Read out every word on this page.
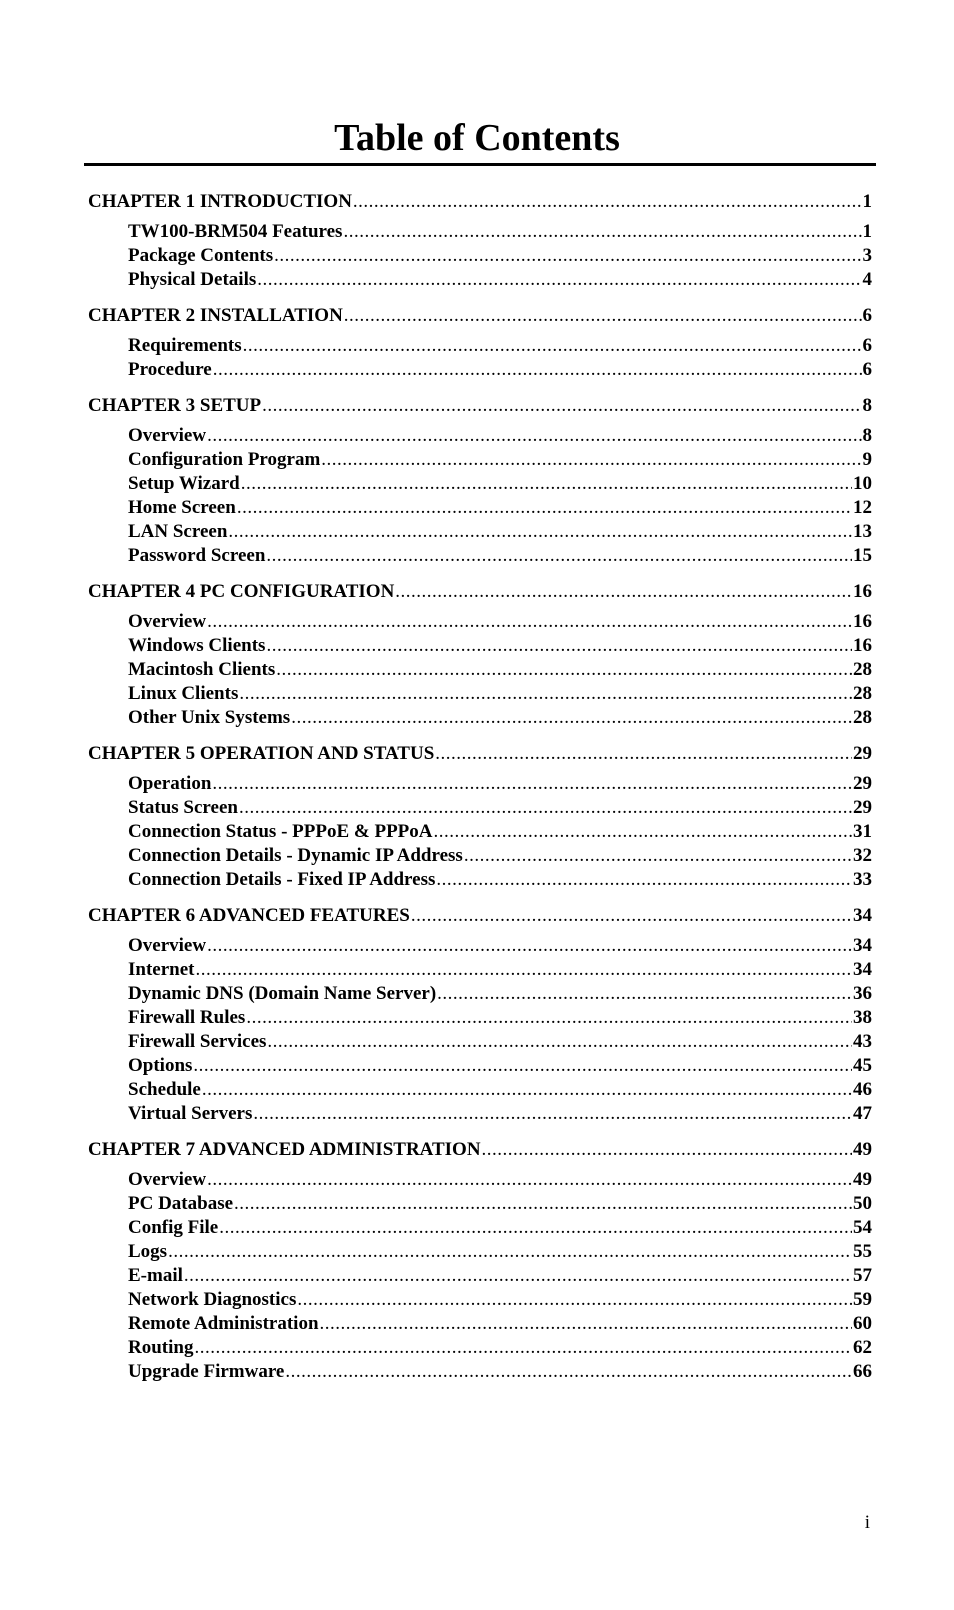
Table of Contents
CHAPTER 1 INTRODUCTION .....	1
TW100-BRM504 Features .....	1
Package Contents .....	3
Physical Details .....	4
CHAPTER 2 INSTALLATION .....	6
Requirements .....	6
Procedure .....	6
CHAPTER 3 SETUP .....	8
Overview .....	8
Configuration Program .....	9
Setup Wizard .....	10
Home Screen .....	12
LAN Screen .....	13
Password Screen .....	15
CHAPTER 4 PC CONFIGURATION .....	16
Overview .....	16
Windows Clients .....	16
Macintosh Clients .....	28
Linux Clients .....	28
Other Unix Systems .....	28
CHAPTER 5 OPERATION AND STATUS .....	29
Operation .....	29
Status Screen .....	29
Connection Status - PPPoE & PPPoA .....	31
Connection Details - Dynamic IP Address .....	32
Connection Details - Fixed IP Address .....	33
CHAPTER 6 ADVANCED FEATURES .....	34
Overview .....	34
Internet .....	34
Dynamic DNS (Domain Name Server) .....	36
Firewall Rules .....	38
Firewall Services .....	43
Options .....	45
Schedule .....	46
Virtual Servers .....	47
CHAPTER 7 ADVANCED ADMINISTRATION .....	49
Overview .....	49
PC Database .....	50
Config File .....	54
Logs .....	55
E-mail .....	57
Network Diagnostics .....	59
Remote Administration .....	60
Routing .....	62
Upgrade Firmware .....	66
i
